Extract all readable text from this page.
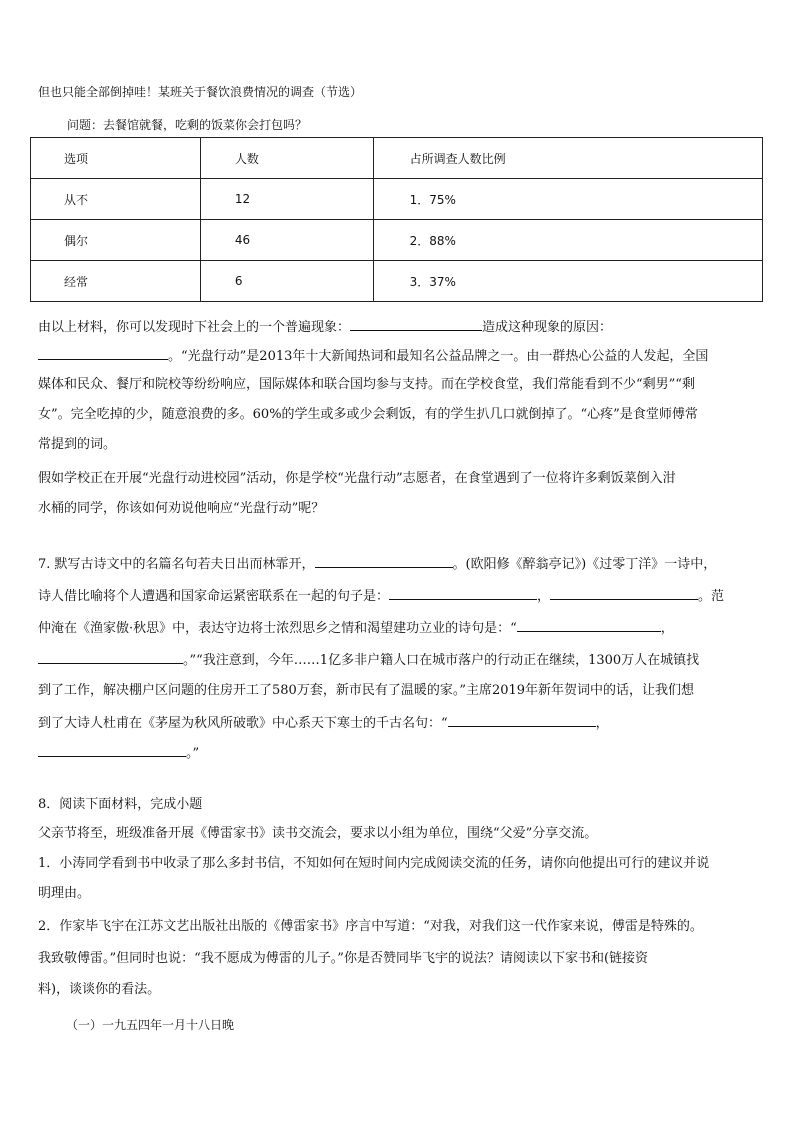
但也只能全部倒掉哇！某班关于餐饮浪费情况的调查（节选）
问题：去餐馆就餐，吃剩的饭菜你会打包吗？
选项	人数	占所调查人数比例
从不	12	1．75%
偶尔	46	2．88%
经常	6	3．37%
由以上材料，你可以发现时下社会上的一个普遍现象：	造成这种现象的原因：
。“光盘行动”是2013年十大新闻热词和最知名公益品牌之一。由一群热心公益的人发起，全国
媒体和民众、餐厅和院校等纷纷响应，国际媒体和联合国均参与支持。而在学校食堂，我们常能看到不少“剩男”“剩
女”。完全吃掉的少，随意浪费的多。60%的学生或多或少会剩饭，有的学生扒几口就倒掉了。“心疼”是食堂师傅常
常提到的词。
假如学校正在开展“光盘行动进校园”活动，你是学校“光盘行动”志愿者，在食堂遇到了一位将许多剩饭菜倒入泔
水桶的同学，你该如何劝说他响应“光盘行动”呢？
7. 默写古诗文中的名篇名句若夫日出而林霏开，	。(欧阳修《醉翁亭记》)《过零丁洋》一诗中，
诗人借比喻将个人遭遇和国家命运紧密联系在一起的句子是：	，	。范
仲淹在《渔家傲·秋思》中，表达守边将士浓烈思乡之情和渴望建功立业的诗句是：“	，
。”“我注意到，今年……1亿多非户籍人口在城市落户的行动正在继续，1300万人在城镇找
到了工作，解决棚户区问题的住房开工了580万套，新市民有了温暖的家。”主席2019年新年贺词中的话，让我们想
到了大诗人杜甫在《茅屋为秋风所破歌》中心系天下寒士的千古名句：“	，
。”
8．阅读下面材料，完成小题
父亲节将至，班级准备开展《傅雷家书》读书交流会，要求以小组为单位，围绕“父爱”分享交流。
1．小涛同学看到书中收录了那么多封书信，不知如何在短时间内完成阅读交流的任务，请你向他提出可行的建议并说
明理由。
2．作家毕飞宇在江苏文艺出版社出版的《傅雷家书》序言中写道：“对我，对我们这一代作家来说，傅雷是特殊的。
我致敬傅雷。”但同时也说：“我不愿成为傅雷的儿子。”你是否赞同毕飞宇的说法？请阅读以下家书和(链接资
料)，谈谈你的看法。
（一）一九五四年一月十八日晚
